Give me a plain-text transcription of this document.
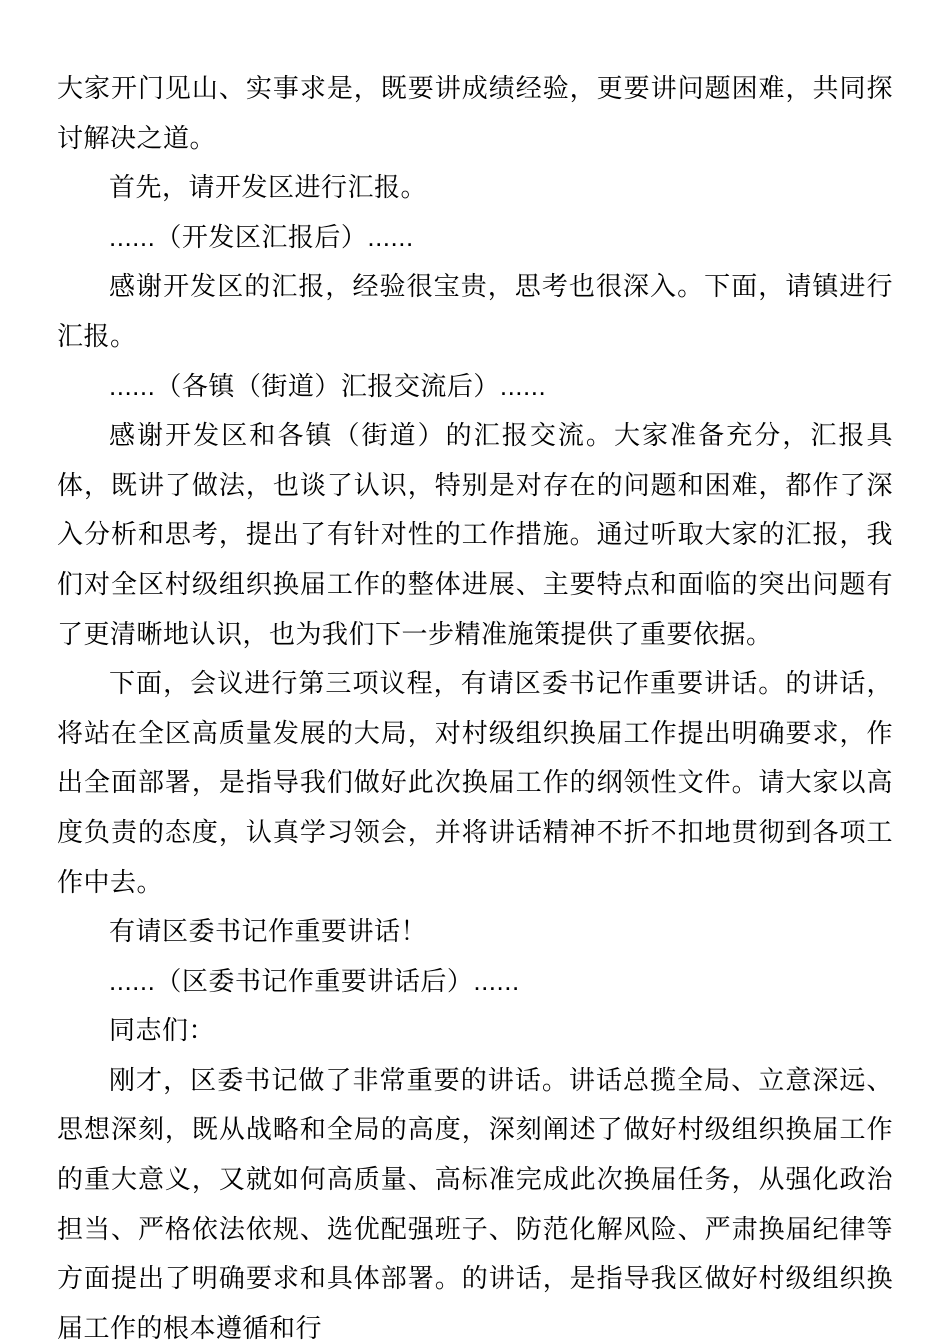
大家开门见山、实事求是，既要讲成绩经验，更要讲问题困难，共同探讨解决之道。

首先，请开发区进行汇报。

......（开发区汇报后）......

感谢开发区的汇报，经验很宝贵，思考也很深入。下面，请镇进行汇报。

......（各镇（街道）汇报交流后）......

感谢开发区和各镇（街道）的汇报交流。大家准备充分，汇报具体，既讲了做法，也谈了认识，特别是对存在的问题和困难，都作了深入分析和思考，提出了有针对性的工作措施。通过听取大家的汇报，我们对全区村级组织换届工作的整体进展、主要特点和面临的突出问题有了更清晰地认识，也为我们下一步精准施策提供了重要依据。

下面，会议进行第三项议程，有请区委书记作重要讲话。的讲话，将站在全区高质量发展的大局，对村级组织换届工作提出明确要求，作出全面部署，是指导我们做好此次换届工作的纲领性文件。请大家以高度负责的态度，认真学习领会，并将讲话精神不折不扣地贯彻到各项工作中去。

有请区委书记作重要讲话！

......（区委书记作重要讲话后）......

同志们：

刚才，区委书记做了非常重要的讲话。讲话总揽全局、立意深远、思想深刻，既从战略和全局的高度，深刻阐述了做好村级组织换届工作的重大意义，又就如何高质量、高标准完成此次换届任务，从强化政治担当、严格依法依规、选优配强班子、防范化解风险、严肃换届纪律等方面提出了明确要求和具体部署。的讲话，是指导我区做好村级组织换届工作的根本遵循和行
